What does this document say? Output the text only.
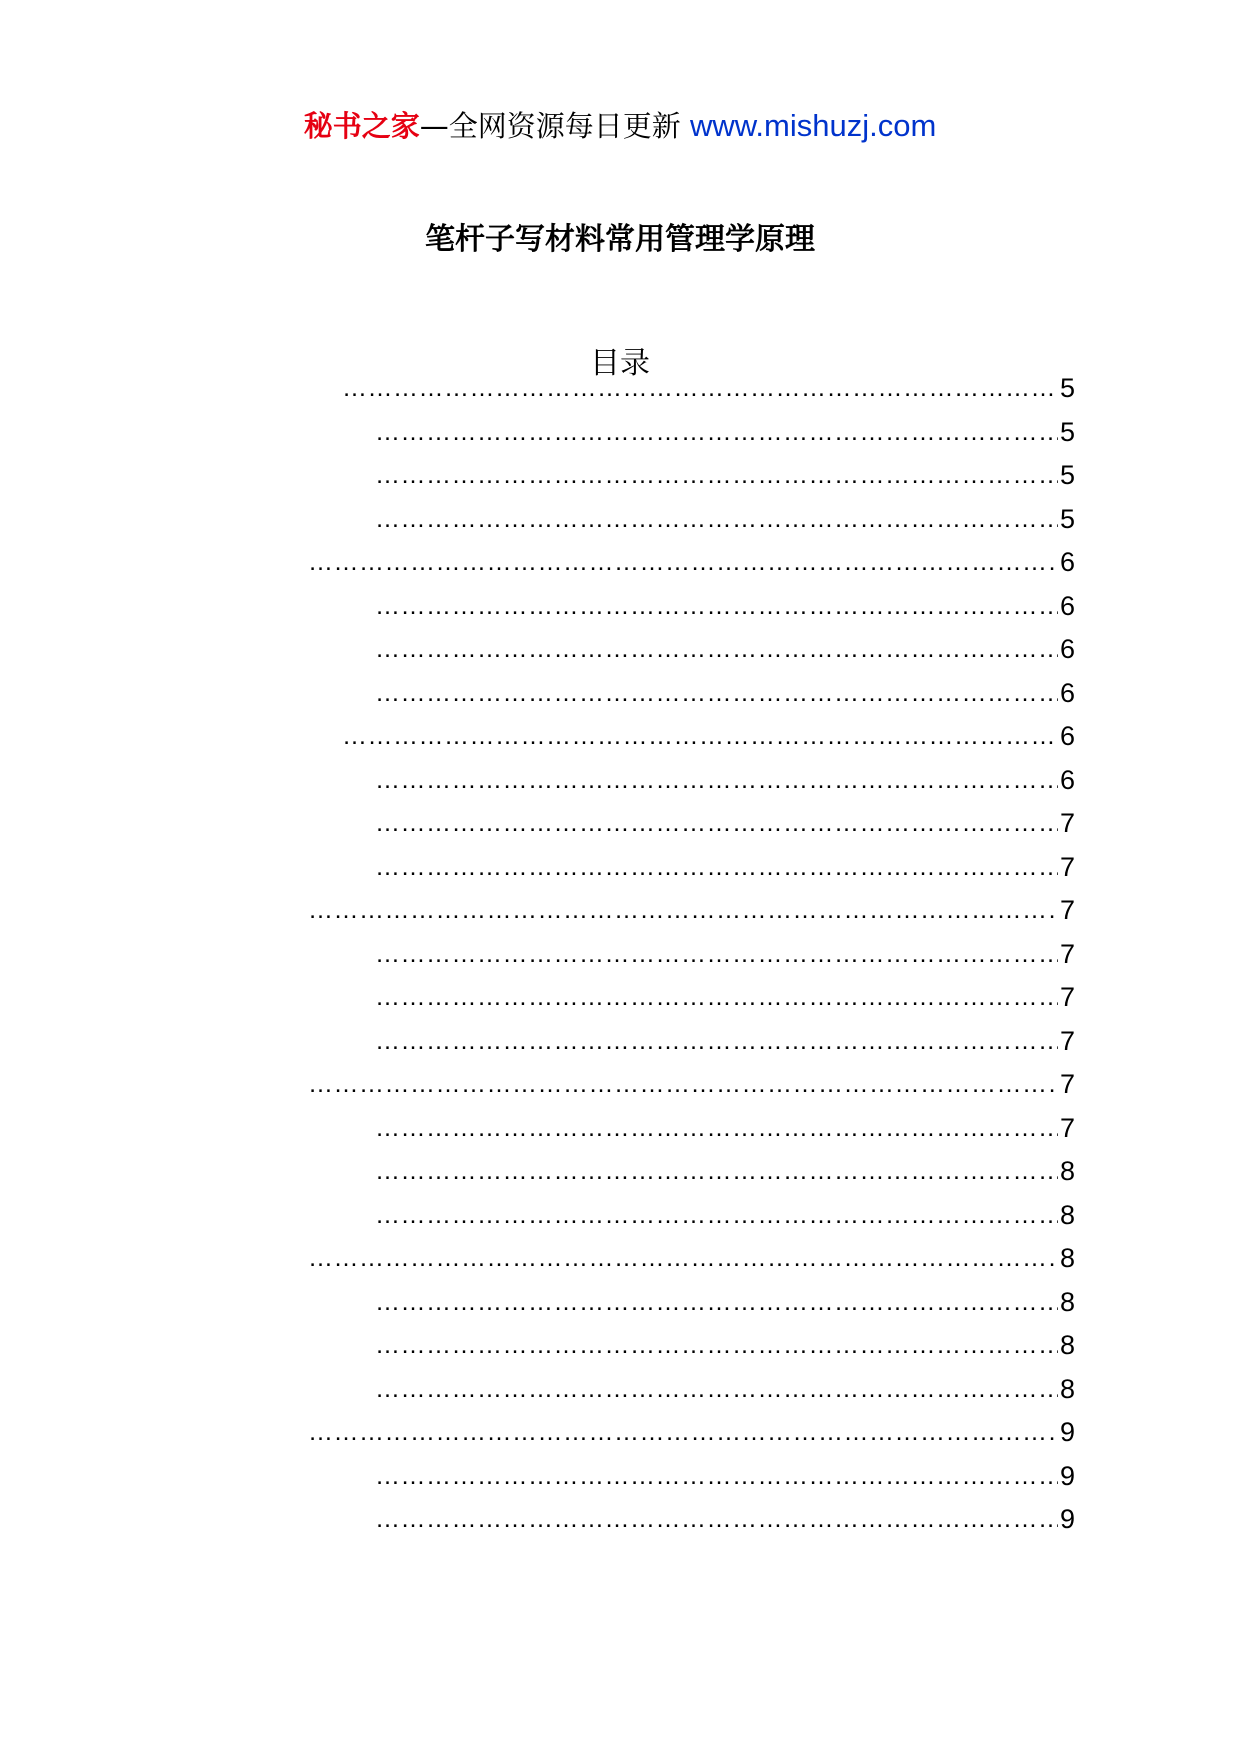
秘书之家—全网资源每日更新 www.mishuzj.com
笔杆子写材料常用管理学原理
目录
………………………………………………………………………………………………………………………………………………………………………………………………………
5
………………………………………………………………………………………………………………………………………………………………………………………………………
5
………………………………………………………………………………………………………………………………………………………………………………………………………
5
………………………………………………………………………………………………………………………………………………………………………………………………………
5
………………………………………………………………………………………………………………………………………………………………………………………………………
6
………………………………………………………………………………………………………………………………………………………………………………………………………
6
………………………………………………………………………………………………………………………………………………………………………………………………………
6
………………………………………………………………………………………………………………………………………………………………………………………………………
6
………………………………………………………………………………………………………………………………………………………………………………………………………
6
………………………………………………………………………………………………………………………………………………………………………………………………………
6
………………………………………………………………………………………………………………………………………………………………………………………………………
7
………………………………………………………………………………………………………………………………………………………………………………………………………
7
………………………………………………………………………………………………………………………………………………………………………………………………………
7
………………………………………………………………………………………………………………………………………………………………………………………………………
7
………………………………………………………………………………………………………………………………………………………………………………………………………
7
………………………………………………………………………………………………………………………………………………………………………………………………………
7
………………………………………………………………………………………………………………………………………………………………………………………………………
7
………………………………………………………………………………………………………………………………………………………………………………………………………
7
………………………………………………………………………………………………………………………………………………………………………………………………………
8
………………………………………………………………………………………………………………………………………………………………………………………………………
8
………………………………………………………………………………………………………………………………………………………………………………………………………
8
………………………………………………………………………………………………………………………………………………………………………………………………………
8
………………………………………………………………………………………………………………………………………………………………………………………………………
8
………………………………………………………………………………………………………………………………………………………………………………………………………
8
………………………………………………………………………………………………………………………………………………………………………………………………………
9
………………………………………………………………………………………………………………………………………………………………………………………………………
9
………………………………………………………………………………………………………………………………………………………………………………………………………
9
